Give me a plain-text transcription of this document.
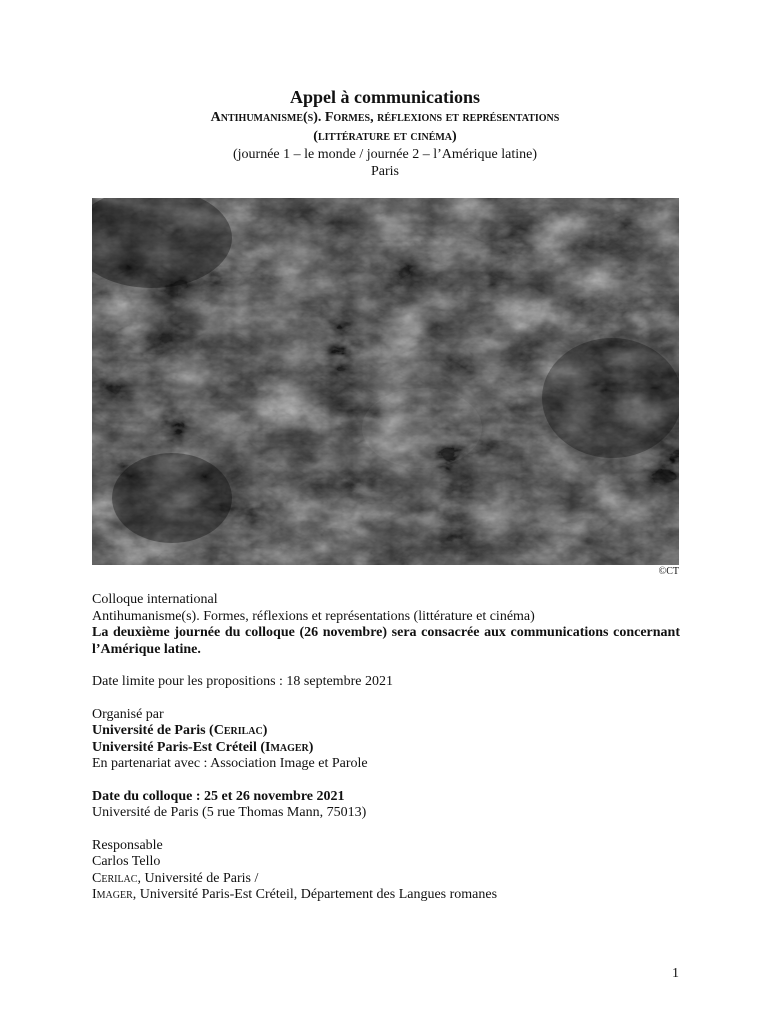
Appel à communications
Antihumanisme(s). Formes, réflexions et représentations
(littérature et cinéma)
(journée 1 – le monde / journée 2 – l’Amérique latine)
Paris
©CT

Colloque international

Antihumanisme(s). Formes, réflexions et représentations (littérature et cinéma)

La deuxième journée du colloque (26 novembre) sera consacrée aux communications concernant l’Amérique latine.

Date limite pour les propositions : 18 septembre 2021

Organisé par

Université de Paris (Cerilac)

Université Paris-Est Créteil (Imager)

En partenariat avec : Association Image et Parole

Date du colloque : 25 et 26 novembre 2021

Université de Paris (5 rue Thomas Mann, 75013)

Responsable

Carlos Tello

Cerilac, Université de Paris /

Imager, Université Paris-Est Créteil, Département des Langues romanes

1
